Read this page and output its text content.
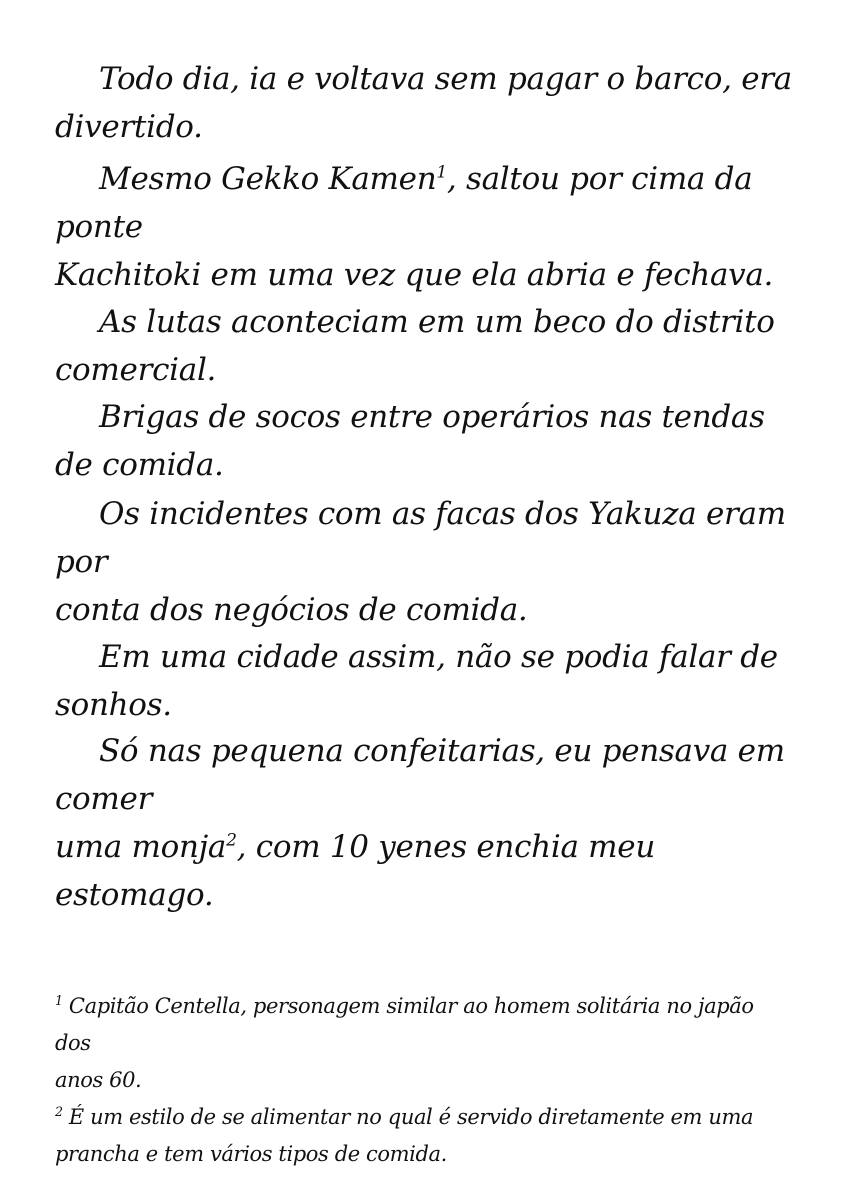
Todo dia, ia e voltava sem pagar o barco, era divertido.

Mesmo Gekko Kamen$^1$, saltou por cima da ponte
Kachitoki em uma vez que ela abria e fechava.

As lutas aconteciam em um beco do distrito comercial.

Brigas de socos entre operários nas tendas de comida.

Os incidentes com as facas dos Yakuza eram por
conta dos negócios de comida.

Em uma cidade assim, não se podia falar de sonhos.

Só nas pequena confeitarias, eu pensava em comer
uma monja$^2$, com 10 yenes enchia meu estomago.

$^1$ Capitão Centella, personagem similar ao homem solitária no japão dos
anos 60.
$^2$ É um estilo de se alimentar no qual é servido diretamente em uma
prancha e tem vários tipos de comida.
